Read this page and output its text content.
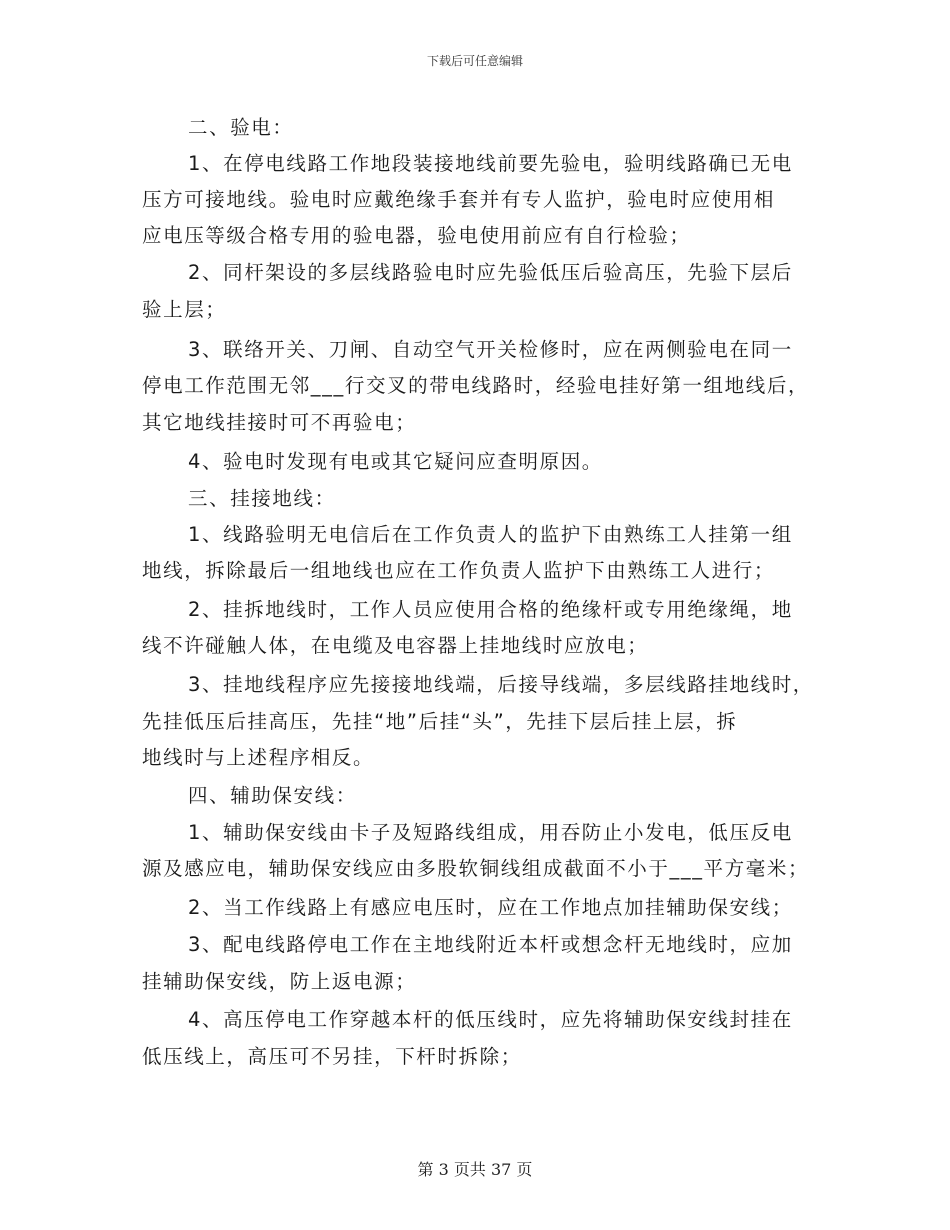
下载后可任意编辑
二、验电：
1、在停电线路工作地段装接地线前要先验电，验明线路确已无电
压方可接地线。验电时应戴绝缘手套并有专人监护，验电时应使用相
应电压等级合格专用的验电器，验电使用前应有自行检验；
2、同杆架设的多层线路验电时应先验低压后验高压，先验下层后
验上层；
3、联络开关、刀闸、自动空气开关检修时，应在两侧验电在同一
停电工作范围无邻___行交叉的带电线路时，经验电挂好第一组地线后，
其它地线挂接时可不再验电；
4、验电时发现有电或其它疑问应查明原因。
三、挂接地线：
1、线路验明无电信后在工作负责人的监护下由熟练工人挂第一组
地线，拆除最后一组地线也应在工作负责人监护下由熟练工人进行；
2、挂拆地线时，工作人员应使用合格的绝缘杆或专用绝缘绳，地
线不许碰触人体，在电缆及电容器上挂地线时应放电；
3、挂地线程序应先接接地线端，后接导线端，多层线路挂地线时，
先挂低压后挂高压，先挂“地”后挂“头”，先挂下层后挂上层，拆
地线时与上述程序相反。
四、辅助保安线：
1、辅助保安线由卡子及短路线组成，用吞防止小发电，低压反电
源及感应电，辅助保安线应由多股软铜线组成截面不小于___平方毫米；
2、当工作线路上有感应电压时，应在工作地点加挂辅助保安线；
3、配电线路停电工作在主地线附近本杆或想念杆无地线时，应加
挂辅助保安线，防上返电源；
4、高压停电工作穿越本杆的低压线时，应先将辅助保安线封挂在
低压线上，高压可不另挂，下杆时拆除；
第 3 页共 37 页
